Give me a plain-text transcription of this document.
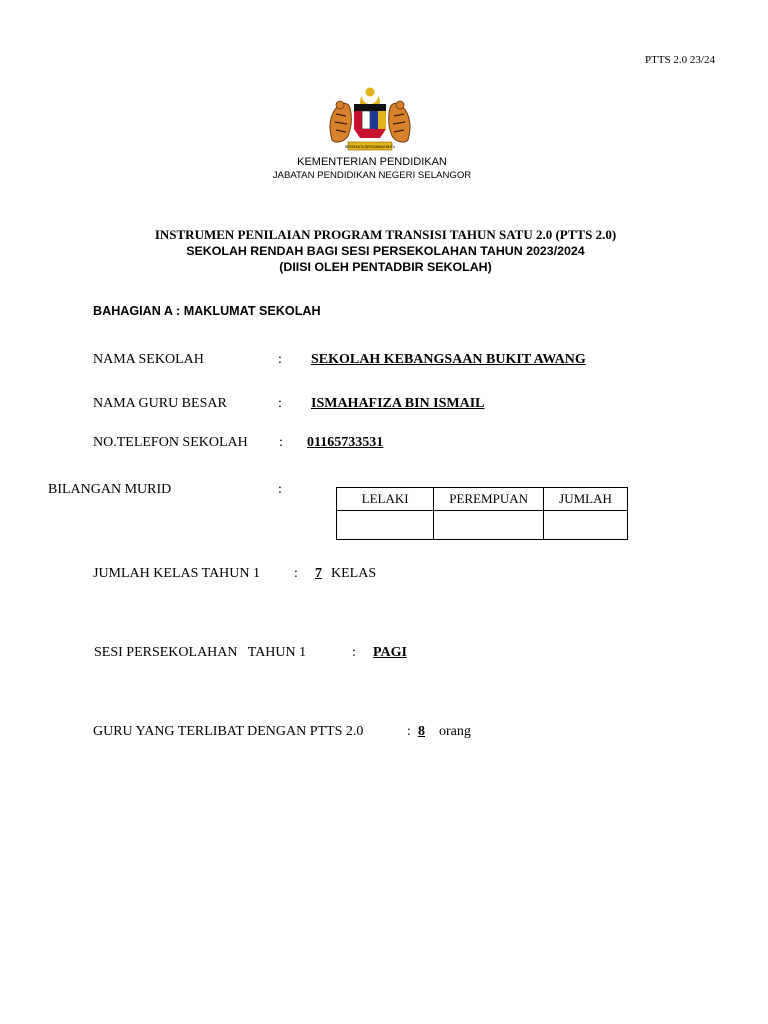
PTTS 2.0 23/24
BERSEKUTU BERTAMBAH MUTU
KEMENTERIAN PENDIDIKAN
JABATAN PENDIDIKAN NEGERI SELANGOR
INSTRUMEN PENILAIAN PROGRAM TRANSISI TAHUN SATU 2.0 (PTTS 2.0)
SEKOLAH RENDAH BAGI SESI PERSEKOLAHAN TAHUN 2023/2024
(DIISI OLEH PENTADBIR SEKOLAH)
BAHAGIAN A : MAKLUMAT SEKOLAH
NAMA SEKOLAH	: SEKOLAH KEBANGSAAN BUKIT AWANG
NAMA GURU BESAR	: ISMAHAFIZA BIN ISMAIL
NO.TELEFON SEKOLAH : 01165733531
BILANGAN MURID	:
LELAKI	PEREMPUAN	JUMLAH

JUMLAH KELAS TAHUN 1 : 7 KELAS
SESI PERSEKOLAHAN   TAHUN 1	: PAGI
GURU YANG TERLIBAT DENGAN PTTS 2.0	: 8 orang
